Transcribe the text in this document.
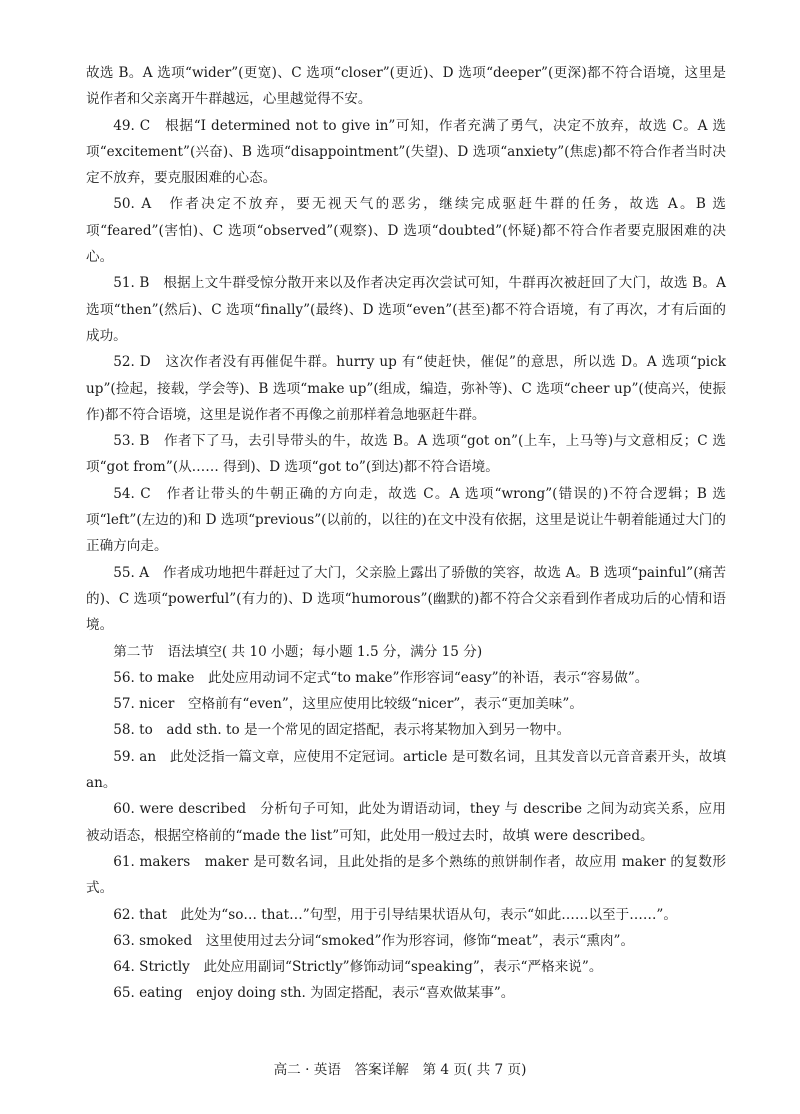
故选 B。A 选项“wider”(更宽)、C 选项“closer”(更近)、D 选项“deeper”(更深)都不符合语境，这里是说作者和父亲离开牛群越远，心里越觉得不安。

49. C　根据“I determined not to give in”可知，作者充满了勇气，决定不放弃，故选 C。A 选项“excitement”(兴奋)、B 选项“disappointment”(失望)、D 选项“anxiety”(焦虑)都不符合作者当时决定不放弃，要克服困难的心态。

50. A　作者决定不放弃，要无视天气的恶劣，继续完成驱赶牛群的任务，故选 A。B 选项“feared”(害怕)、C 选项“observed”(观察)、D 选项“doubted”(怀疑)都不符合作者要克服困难的决心。

51. B　根据上文牛群受惊分散开来以及作者决定再次尝试可知，牛群再次被赶回了大门，故选 B。A 选项“then”(然后)、C 选项“finally”(最终)、D 选项“even”(甚至)都不符合语境，有了再次，才有后面的成功。

52. D　这次作者没有再催促牛群。hurry up 有“使赶快，催促”的意思，所以选 D。A 选项“pick up”(捡起，接载，学会等)、B 选项“make up”(组成，编造，弥补等)、C 选项“cheer up”(使高兴，使振作)都不符合语境，这里是说作者不再像之前那样着急地驱赶牛群。

53. B　作者下了马，去引导带头的牛，故选 B。A 选项“got on”(上车，上马等)与文意相反；C 选项“got from”(从…… 得到)、D 选项“got to”(到达)都不符合语境。

54. C　作者让带头的牛朝正确的方向走，故选 C。A 选项“wrong”(错误的)不符合逻辑；B 选项“left”(左边的)和 D 选项“previous”(以前的，以往的)在文中没有依据，这里是说让牛朝着能通过大门的正确方向走。

55. A　作者成功地把牛群赶过了大门，父亲脸上露出了骄傲的笑容，故选 A。B 选项“painful”(痛苦的)、C 选项“powerful”(有力的)、D 选项“humorous”(幽默的)都不符合父亲看到作者成功后的心情和语境。

第二节　语法填空( 共 10 小题；每小题 1.5 分，满分 15 分)

56. to make　此处应用动词不定式“to make”作形容词“easy”的补语，表示“容易做”。

57. nicer　空格前有“even”，这里应使用比较级“nicer”，表示“更加美味”。

58. to　add sth. to 是一个常见的固定搭配，表示将某物加入到另一物中。

59. an　此处泛指一篇文章，应使用不定冠词。article 是可数名词，且其发音以元音音素开头，故填 an。

60. were described　分析句子可知，此处为谓语动词，they 与 describe 之间为动宾关系，应用被动语态，根据空格前的“made the list”可知，此处用一般过去时，故填 were described。

61. makers　maker 是可数名词，且此处指的是多个熟练的煎饼制作者，故应用 maker 的复数形式。

62. that　此处为“so… that…”句型，用于引导结果状语从句，表示“如此……以至于……”。

63. smoked　这里使用过去分词“smoked”作为形容词，修饰“meat”，表示“熏肉”。

64. Strictly　此处应用副词“Strictly”修饰动词“speaking”，表示“严格来说”。

65. eating　enjoy doing sth. 为固定搭配，表示“喜欢做某事”。

高二 · 英语　答案详解　第 4 页( 共 7 页)
